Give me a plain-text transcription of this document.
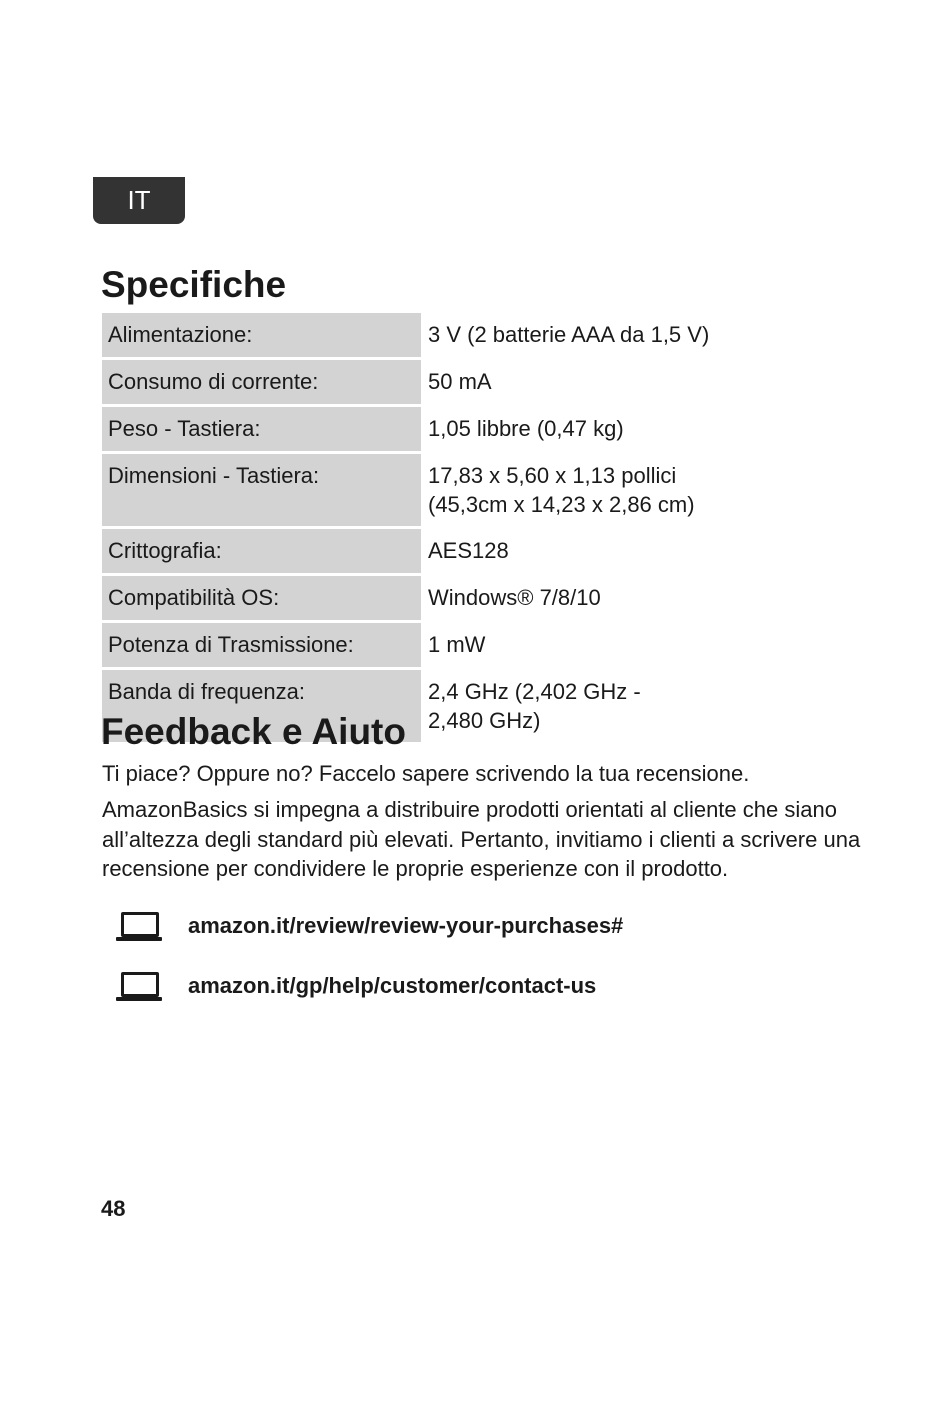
IT
Specifiche
Alimentazione:	3 V (2 batterie AAA da 1,5 V)
Consumo di corrente:	50 mA
Peso - Tastiera:	1,05 libbre (0,47 kg)
Dimensioni - Tastiera:	17,83 x 5,60 x 1,13 pollici
(45,3cm x 14,23 x 2,86 cm)
Crittografia:	AES128
Compatibilità OS:	Windows® 7/8/10
Potenza di Trasmissione:	1 mW
Banda di frequenza:	2,4 GHz (2,402 GHz -
2,480 GHz)
Feedback e Aiuto

Ti piace? Oppure no? Faccelo sapere scrivendo la tua recensione.

AmazonBasics si impegna a distribuire prodotti orientati al cliente che siano all’altezza degli standard più elevati. Pertanto, invitiamo i clienti a scrivere una recensione per condividere le proprie esperienze con il prodotto.

amazon.it/review/review-your-purchases#
amazon.it/gp/help/customer/contact-us
48
